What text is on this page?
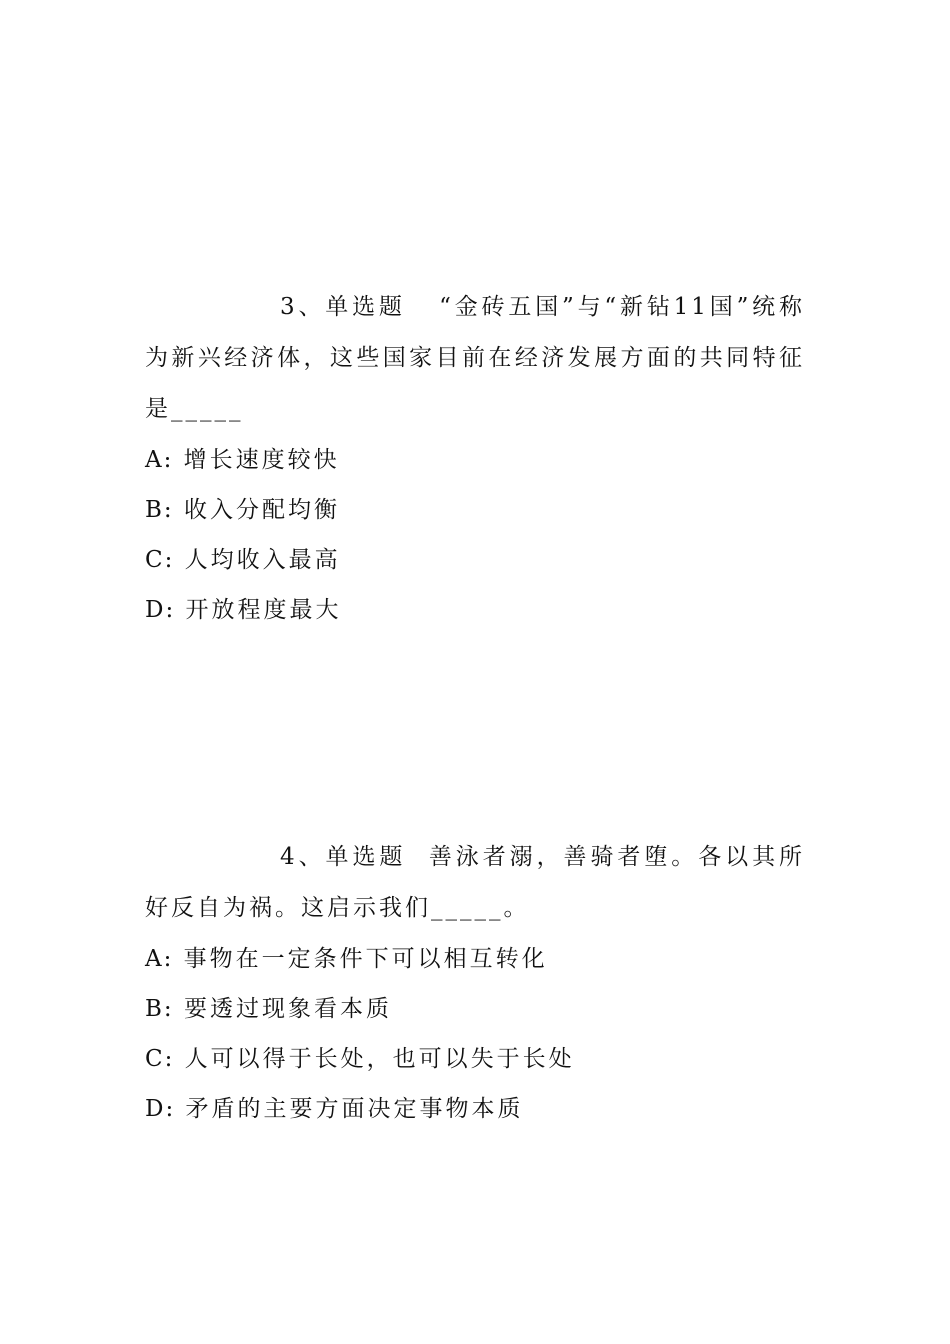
3、单选题 “金砖五国”与“新钻11国”统称为新兴经济体，这些国家目前在经济发展方面的共同特征是_____

A: 增长速度较快
B: 收入分配均衡
C: 人均收入最高
D: 开放程度最大

4、单选题 善泳者溺，善骑者堕。各以其所好反自为祸。这启示我们_____。

A: 事物在一定条件下可以相互转化
B: 要透过现象看本质
C: 人可以得于长处，也可以失于长处
D: 矛盾的主要方面决定事物本质
